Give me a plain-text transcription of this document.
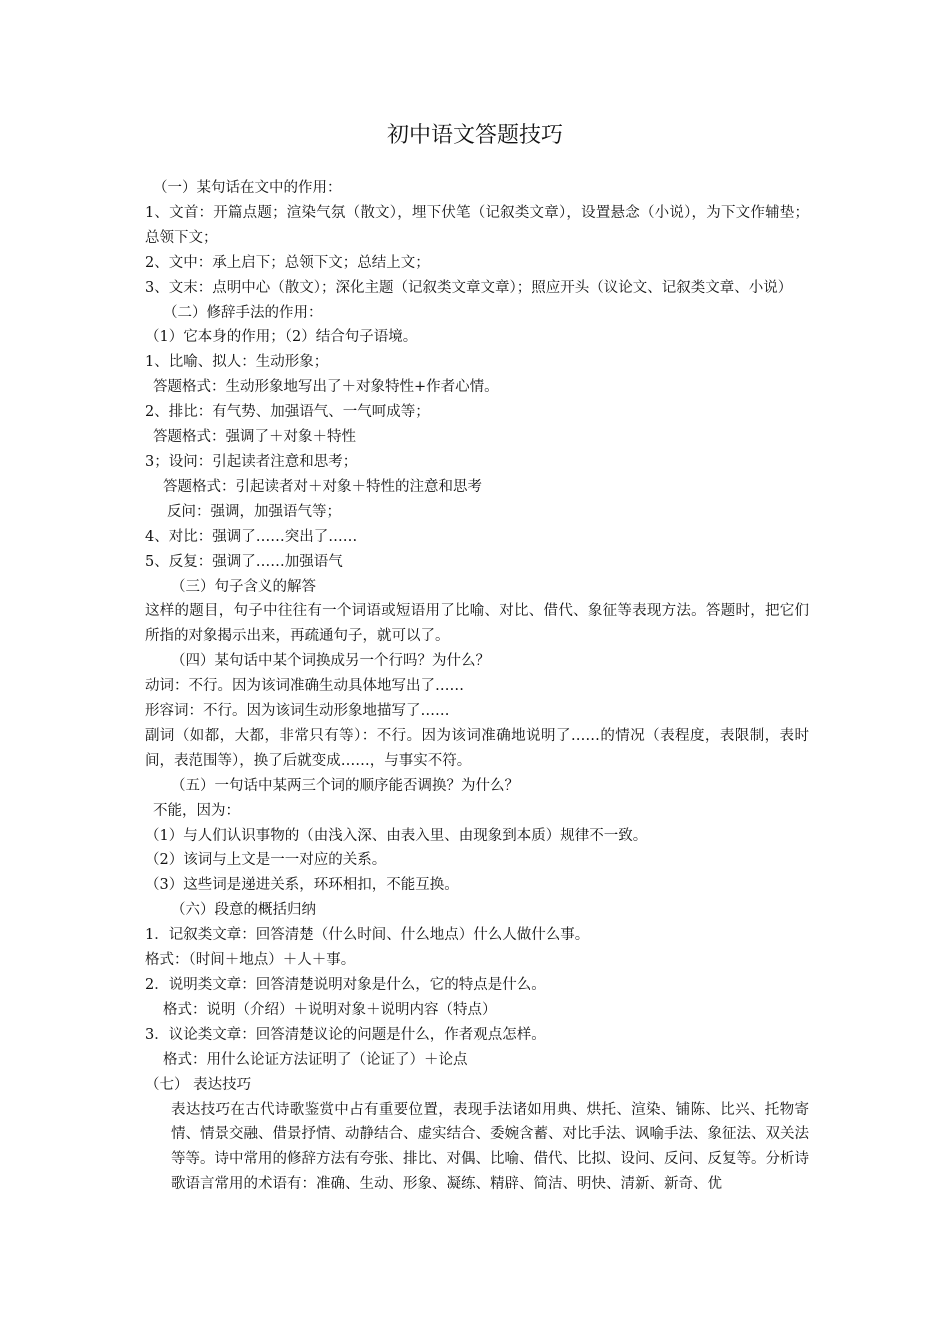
初中语文答题技巧
（一）某句话在文中的作用：
1、文首：开篇点题；渲染气氛（散文），埋下伏笔（记叙类文章），设置悬念（小说），为下文作辅垫；总领下文；
2、文中：承上启下；总领下文；总结上文；
3、文末：点明中心（散文）；深化主题（记叙类文章文章）；照应开头（议论文、记叙类文章、小说）
（二）修辞手法的作用：
（1）它本身的作用；（2）结合句子语境。
1、比喻、拟人：生动形象；
答题格式：生动形象地写出了＋对象特性+作者心情。
2、排比：有气势、加强语气、一气呵成等；
答题格式：强调了＋对象＋特性
3；设问：引起读者注意和思考；
答题格式：引起读者对＋对象＋特性的注意和思考
反问：强调，加强语气等；
4、对比：强调了……突出了……
5、反复：强调了……加强语气
（三）句子含义的解答
这样的题目，句子中往往有一个词语或短语用了比喻、对比、借代、象征等表现方法。答题时，把它们所指的对象揭示出来，再疏通句子，就可以了。
（四）某句话中某个词换成另一个行吗？为什么？
动词：不行。因为该词准确生动具体地写出了……
形容词：不行。因为该词生动形象地描写了……
副词（如都，大都，非常只有等）：不行。因为该词准确地说明了……的情况（表程度，表限制，表时间，表范围等），换了后就变成……，与事实不符。
（五）一句话中某两三个词的顺序能否调换？为什么？
不能，因为：
（1）与人们认识事物的（由浅入深、由表入里、由现象到本质）规律不一致。
（2）该词与上文是一一对应的关系。
（3）这些词是递进关系，环环相扣，不能互换。
（六）段意的概括归纳
1．记叙类文章：回答清楚（什么时间、什么地点）什么人做什么事。
格式：（时间＋地点）＋人＋事。
2．说明类文章：回答清楚说明对象是什么，它的特点是什么。
格式：说明（介绍）＋说明对象＋说明内容（特点）
3．议论类文章：回答清楚议论的问题是什么，作者观点怎样。
格式：用什么论证方法证明了（论证了）＋论点
（七） 表达技巧
表达技巧在古代诗歌鉴赏中占有重要位置，表现手法诸如用典、烘托、渲染、铺陈、比兴、托物寄情、情景交融、借景抒情、动静结合、虚实结合、委婉含蓄、对比手法、讽喻手法、象征法、双关法等等。诗中常用的修辞方法有夸张、排比、对偶、比喻、借代、比拟、设问、反问、反复等。分析诗歌语言常用的术语有：准确、生动、形象、凝练、精辟、简洁、明快、清新、新奇、优
